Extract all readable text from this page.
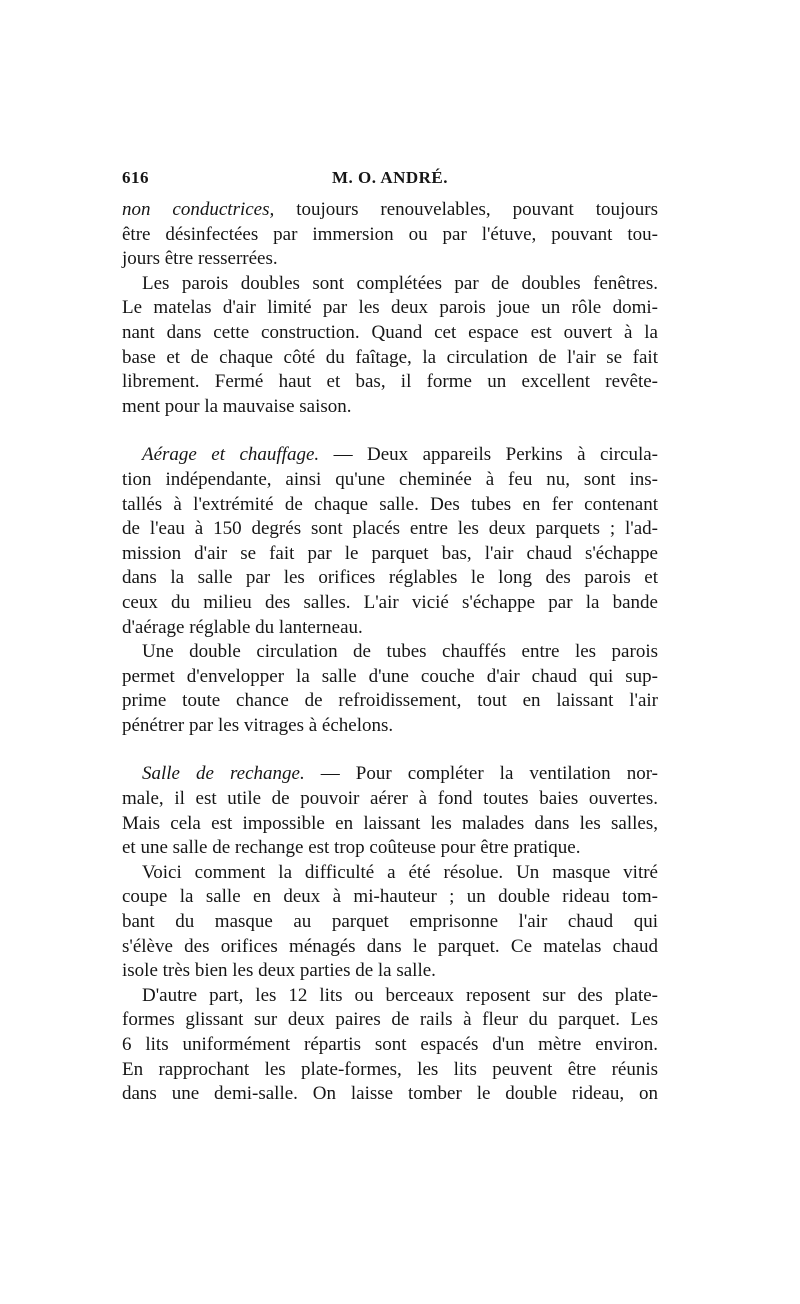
616	M. O. ANDRÉ.
non conductrices, toujours renouvelables, pouvant toujours
être désinfectées par immersion ou par l'étuve, pouvant tou-
jours être resserrées.
Les parois doubles sont complétées par de doubles fenêtres.
Le matelas d'air limité par les deux parois joue un rôle domi-
nant dans cette construction. Quand cet espace est ouvert à la
base et de chaque côté du faîtage, la circulation de l'air se fait
librement. Fermé haut et bas, il forme un excellent revête-
ment pour la mauvaise saison.
Aérage et chauffage. — Deux appareils Perkins à circula-
tion indépendante, ainsi qu'une cheminée à feu nu, sont ins-
tallés à l'extrémité de chaque salle. Des tubes en fer contenant
de l'eau à 150 degrés sont placés entre les deux parquets ; l'ad-
mission d'air se fait par le parquet bas, l'air chaud s'échappe
dans la salle par les orifices réglables le long des parois et
ceux du milieu des salles. L'air vicié s'échappe par la bande
d'aérage réglable du lanterneau.
Une double circulation de tubes chauffés entre les parois
permet d'envelopper la salle d'une couche d'air chaud qui sup-
prime toute chance de refroidissement, tout en laissant l'air
pénétrer par les vitrages à échelons.
Salle de rechange. — Pour compléter la ventilation nor-
male, il est utile de pouvoir aérer à fond toutes baies ouvertes.
Mais cela est impossible en laissant les malades dans les salles,
et une salle de rechange est trop coûteuse pour être pratique.
Voici comment la difficulté a été résolue. Un masque vitré
coupe la salle en deux à mi-hauteur ; un double rideau tom-
bant du masque au parquet emprisonne l'air chaud qui
s'élève des orifices ménagés dans le parquet. Ce matelas chaud
isole très bien les deux parties de la salle.
D'autre part, les 12 lits ou berceaux reposent sur des plate-
formes glissant sur deux paires de rails à fleur du parquet. Les
6 lits uniformément répartis sont espacés d'un mètre environ.
En rapprochant les plate-formes, les lits peuvent être réunis
dans une demi-salle. On laisse tomber le double rideau, on
